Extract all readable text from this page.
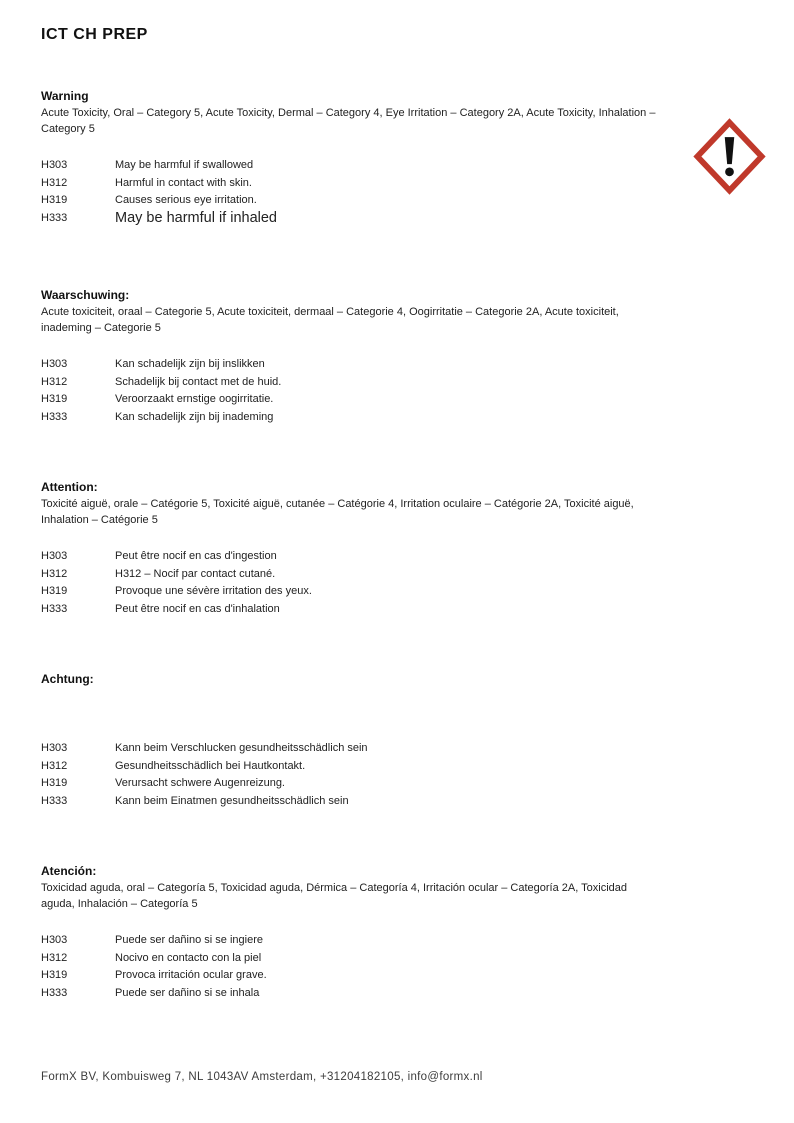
ICT CH PREP
Warning
Acute Toxicity, Oral – Category 5, Acute Toxicity, Dermal – Category 4, Eye Irritation – Category 2A, Acute Toxicity, Inhalation – Category 5
H303	May be harmful if swallowed
H312	Harmful in contact with skin.
H319	Causes serious eye irritation.
H333	May be harmful if inhaled
Waarschuwing:
Acute toxiciteit, oraal – Categorie 5, Acute toxiciteit, dermaal – Categorie 4, Oogirritatie – Categorie 2A, Acute toxiciteit, inademing – Categorie 5
H303	Kan schadelijk zijn bij inslikken
H312	Schadelijk bij contact met de huid.
H319	Veroorzaakt ernstige oogirritatie.
H333	Kan schadelijk zijn bij inademing
Attention:
Toxicité aiguë, orale – Catégorie 5, Toxicité aiguë, cutanée – Catégorie 4, Irritation oculaire – Catégorie 2A, Toxicité aiguë, Inhalation – Catégorie 5
H303	Peut être nocif en cas d'ingestion
H312	H312 – Nocif par contact cutané.
H319	Provoque une sévère irritation des yeux.
H333	Peut être nocif en cas d'inhalation
Achtung:
H303	Kann beim Verschlucken gesundheitsschädlich sein
H312	Gesundheitsschädlich bei Hautkontakt.
H319	Verursacht schwere Augenreizung.
H333	Kann beim Einatmen gesundheitsschädlich sein
Atención:
Toxicidad aguda, oral – Categoría 5, Toxicidad aguda, Dérmica – Categoría 4, Irritación ocular – Categoría 2A, Toxicidad aguda, Inhalación – Categoría 5
H303	Puede ser dañino si se ingiere
H312	Nocivo en contacto con la piel
H319	Provoca irritación ocular grave.
H333	Puede ser dañino si se inhala
FormX BV, Kombuisweg 7, NL 1043AV Amsterdam, +31204182105, info@formx.nl
